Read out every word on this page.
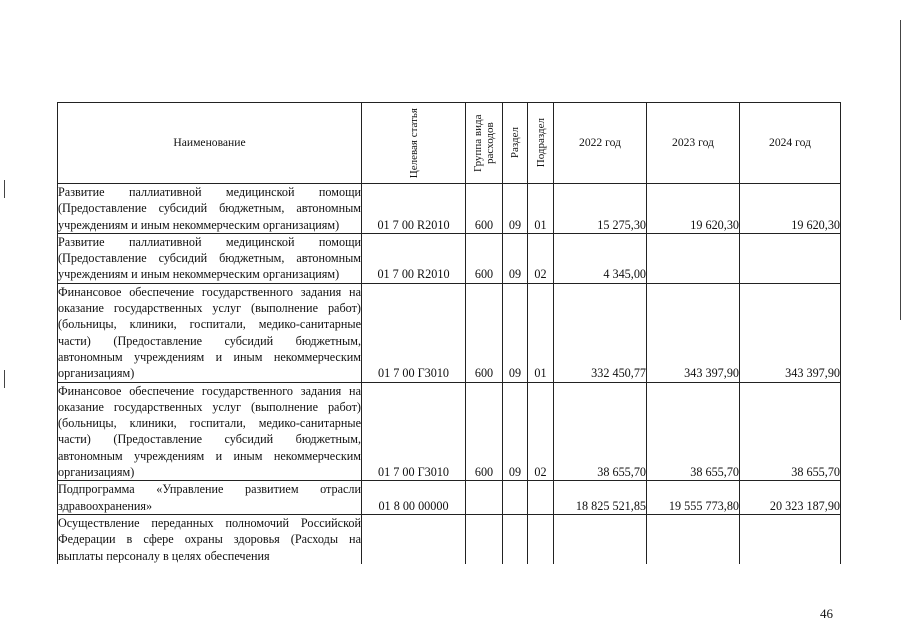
Наименование	Целевая статья	Группа вида расходов	Раздел	Подраздел	2022 год	2023 год	2024 год

Развитие паллиативной медицинской помощи (Предоставление субсидий бюджетным, автономным учреждениям и иным некоммерческим организациям)	01 7 00 R2010	600	09	01	15 275,30	19 620,30	19 620,30

Развитие паллиативной медицинской помощи (Предоставление субсидий бюджетным, автономным учреждениям и иным некоммерческим организациям)	01 7 00 R2010	600	09	02	4 345,00		

Финансовое обеспечение государственного задания на оказание государственных услуг (выполнение работ) (больницы, клиники, госпитали, медико-санитарные части) (Предоставление субсидий бюджетным, автономным учреждениям и иным некоммерческим организациям)	01 7 00 Г3010	600	09	01	332 450,77	343 397,90	343 397,90

Финансовое обеспечение государственного задания на оказание государственных услуг (выполнение работ) (больницы, клиники, госпитали, медико-санитарные части) (Предоставление субсидий бюджетным, автономным учреждениям и иным некоммерческим организациям)	01 7 00 Г3010	600	09	02	38 655,70	38 655,70	38 655,70

Подпрограмма «Управление развитием отрасли здравоохранения»	01 8 00 00000				18 825 521,85	19 555 773,80	20 323 187,90

Осуществление переданных полномочий Российской Федерации в сфере охраны здоровья (Расходы на выплаты персоналу в целях обеспечения							

46
